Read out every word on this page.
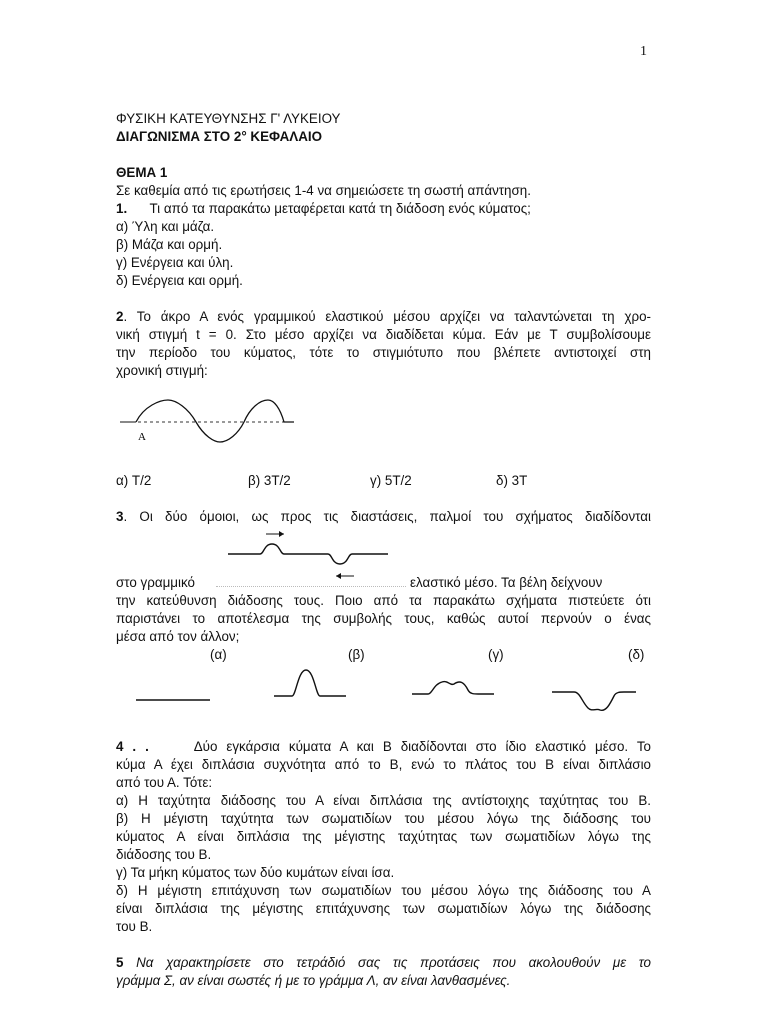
1
ΦΥΣΙΚΗ ΚΑΤΕΥΘΥΝΣΗΣ Γ' ΛΥΚΕΙΟΥ
ΔΙΑΓΩΝΙΣΜΑ ΣΤΟ 2° ΚΕΦΑΛΑΙΟ
ΘΕΜΑ 1
Σε καθεμία από τις ερωτήσεις 1-4 να σημειώσετε τη σωστή απάντηση.
1. Τι από τα παρακάτω μεταφέρεται κατά τη διάδοση ενός κύματος;
α) Ύλη και μάζα.
β) Μάζα και ορμή.
γ) Ενέργεια και ύλη.
δ) Ενέργεια και ορμή.
2. Το άκρο Α ενός γραμμικού ελαστικού μέσου αρχίζει να ταλαντώνεται τη χρο-
νική στιγμή t = 0. Στο μέσο αρχίζει να διαδίδεται κύμα. Εάν με Τ συμβολίσουμε
την περίοδο του κύματος, τότε το στιγμιότυπο που βλέπετε αντιστοιχεί στη
χρονική στιγμή:
A
α) T/2	β) 3T/2	γ) 5T/2	δ) 3T
3. Οι δύο όμοιοι, ως προς τις διαστάσεις, παλμοί του σχήματος διαδίδονται
στο γραμμικό	ελαστικό μέσο. Τα βέλη δείχνουν
την κατεύθυνση διάδοσης τους. Ποιο από τα παρακάτω σχήματα πιστεύετε ότι
παριστάνει το αποτέλεσμα της συμβολής τους, καθώς αυτοί περνούν ο ένας
μέσα από τον άλλον;
(α)	(β)	(γ)	(δ)
4 . .	Δύο εγκάρσια κύματα Α και Β διαδίδονται στο ίδιο ελαστικό μέσο. Το
κύμα Α έχει διπλάσια συχνότητα από το Β, ενώ το πλάτος του Β είναι διπλάσιο
από του Α. Τότε:
α) Η ταχύτητα διάδοσης του Α είναι διπλάσια της αντίστοιχης ταχύτητας του Β.
β) Η μέγιστη ταχύτητα των σωματιδίων του μέσου λόγω της διάδοσης του
κύματος Α είναι διπλάσια της μέγιστης ταχύτητας των σωματιδίων λόγω της
διάδοσης του Β.
γ) Τα μήκη κύματος των δύο κυμάτων είναι ίσα.
δ) Η μέγιστη επιτάχυνση των σωματιδίων του μέσου λόγω της διάδοσης του Α
είναι διπλάσια της μέγιστης επιτάχυνσης των σωματιδίων λόγω της διάδοσης
του Β.
5 Να χαρακτηρίσετε στο τετράδιό σας τις προτάσεις που ακολουθούν με το
γράμμα Σ, αν είναι σωστές ή με το γράμμα Λ, αν είναι λανθασμένες.
